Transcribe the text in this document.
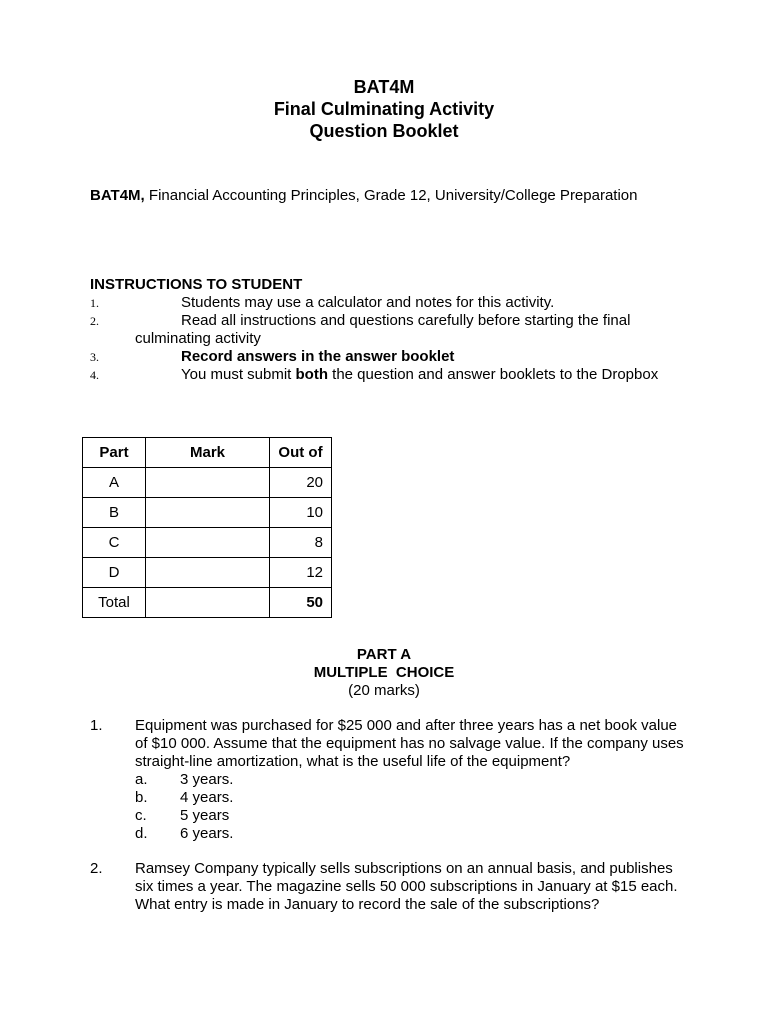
BAT4M
Final Culminating Activity
Question Booklet
BAT4M, Financial Accounting Principles, Grade 12, University/College Preparation
INSTRUCTIONS TO STUDENT
1.	Students may use a calculator and notes for this activity.
2.	Read all instructions and questions carefully before starting the final
culminating activity
3.	Record answers in the answer booklet
4.	You must submit both the question and answer booklets to the Dropbox
Part	Mark	Out of
A		20
B		10
C		8
D		12
Total		50
PART A
MULTIPLE  CHOICE
(20 marks)
1. Equipment was purchased for $25 000 and after three years has a net book value of $10 000. Assume that the equipment has no salvage value. If the company uses straight-line amortization, what is the useful life of the equipment?
a. 3 years.
b. 4 years.
c. 5 years
d. 6 years.
2. Ramsey Company typically sells subscriptions on an annual basis, and publishes six times a year. The magazine sells 50 000 subscriptions in January at $15 each. What entry is made in January to record the sale of the subscriptions?
